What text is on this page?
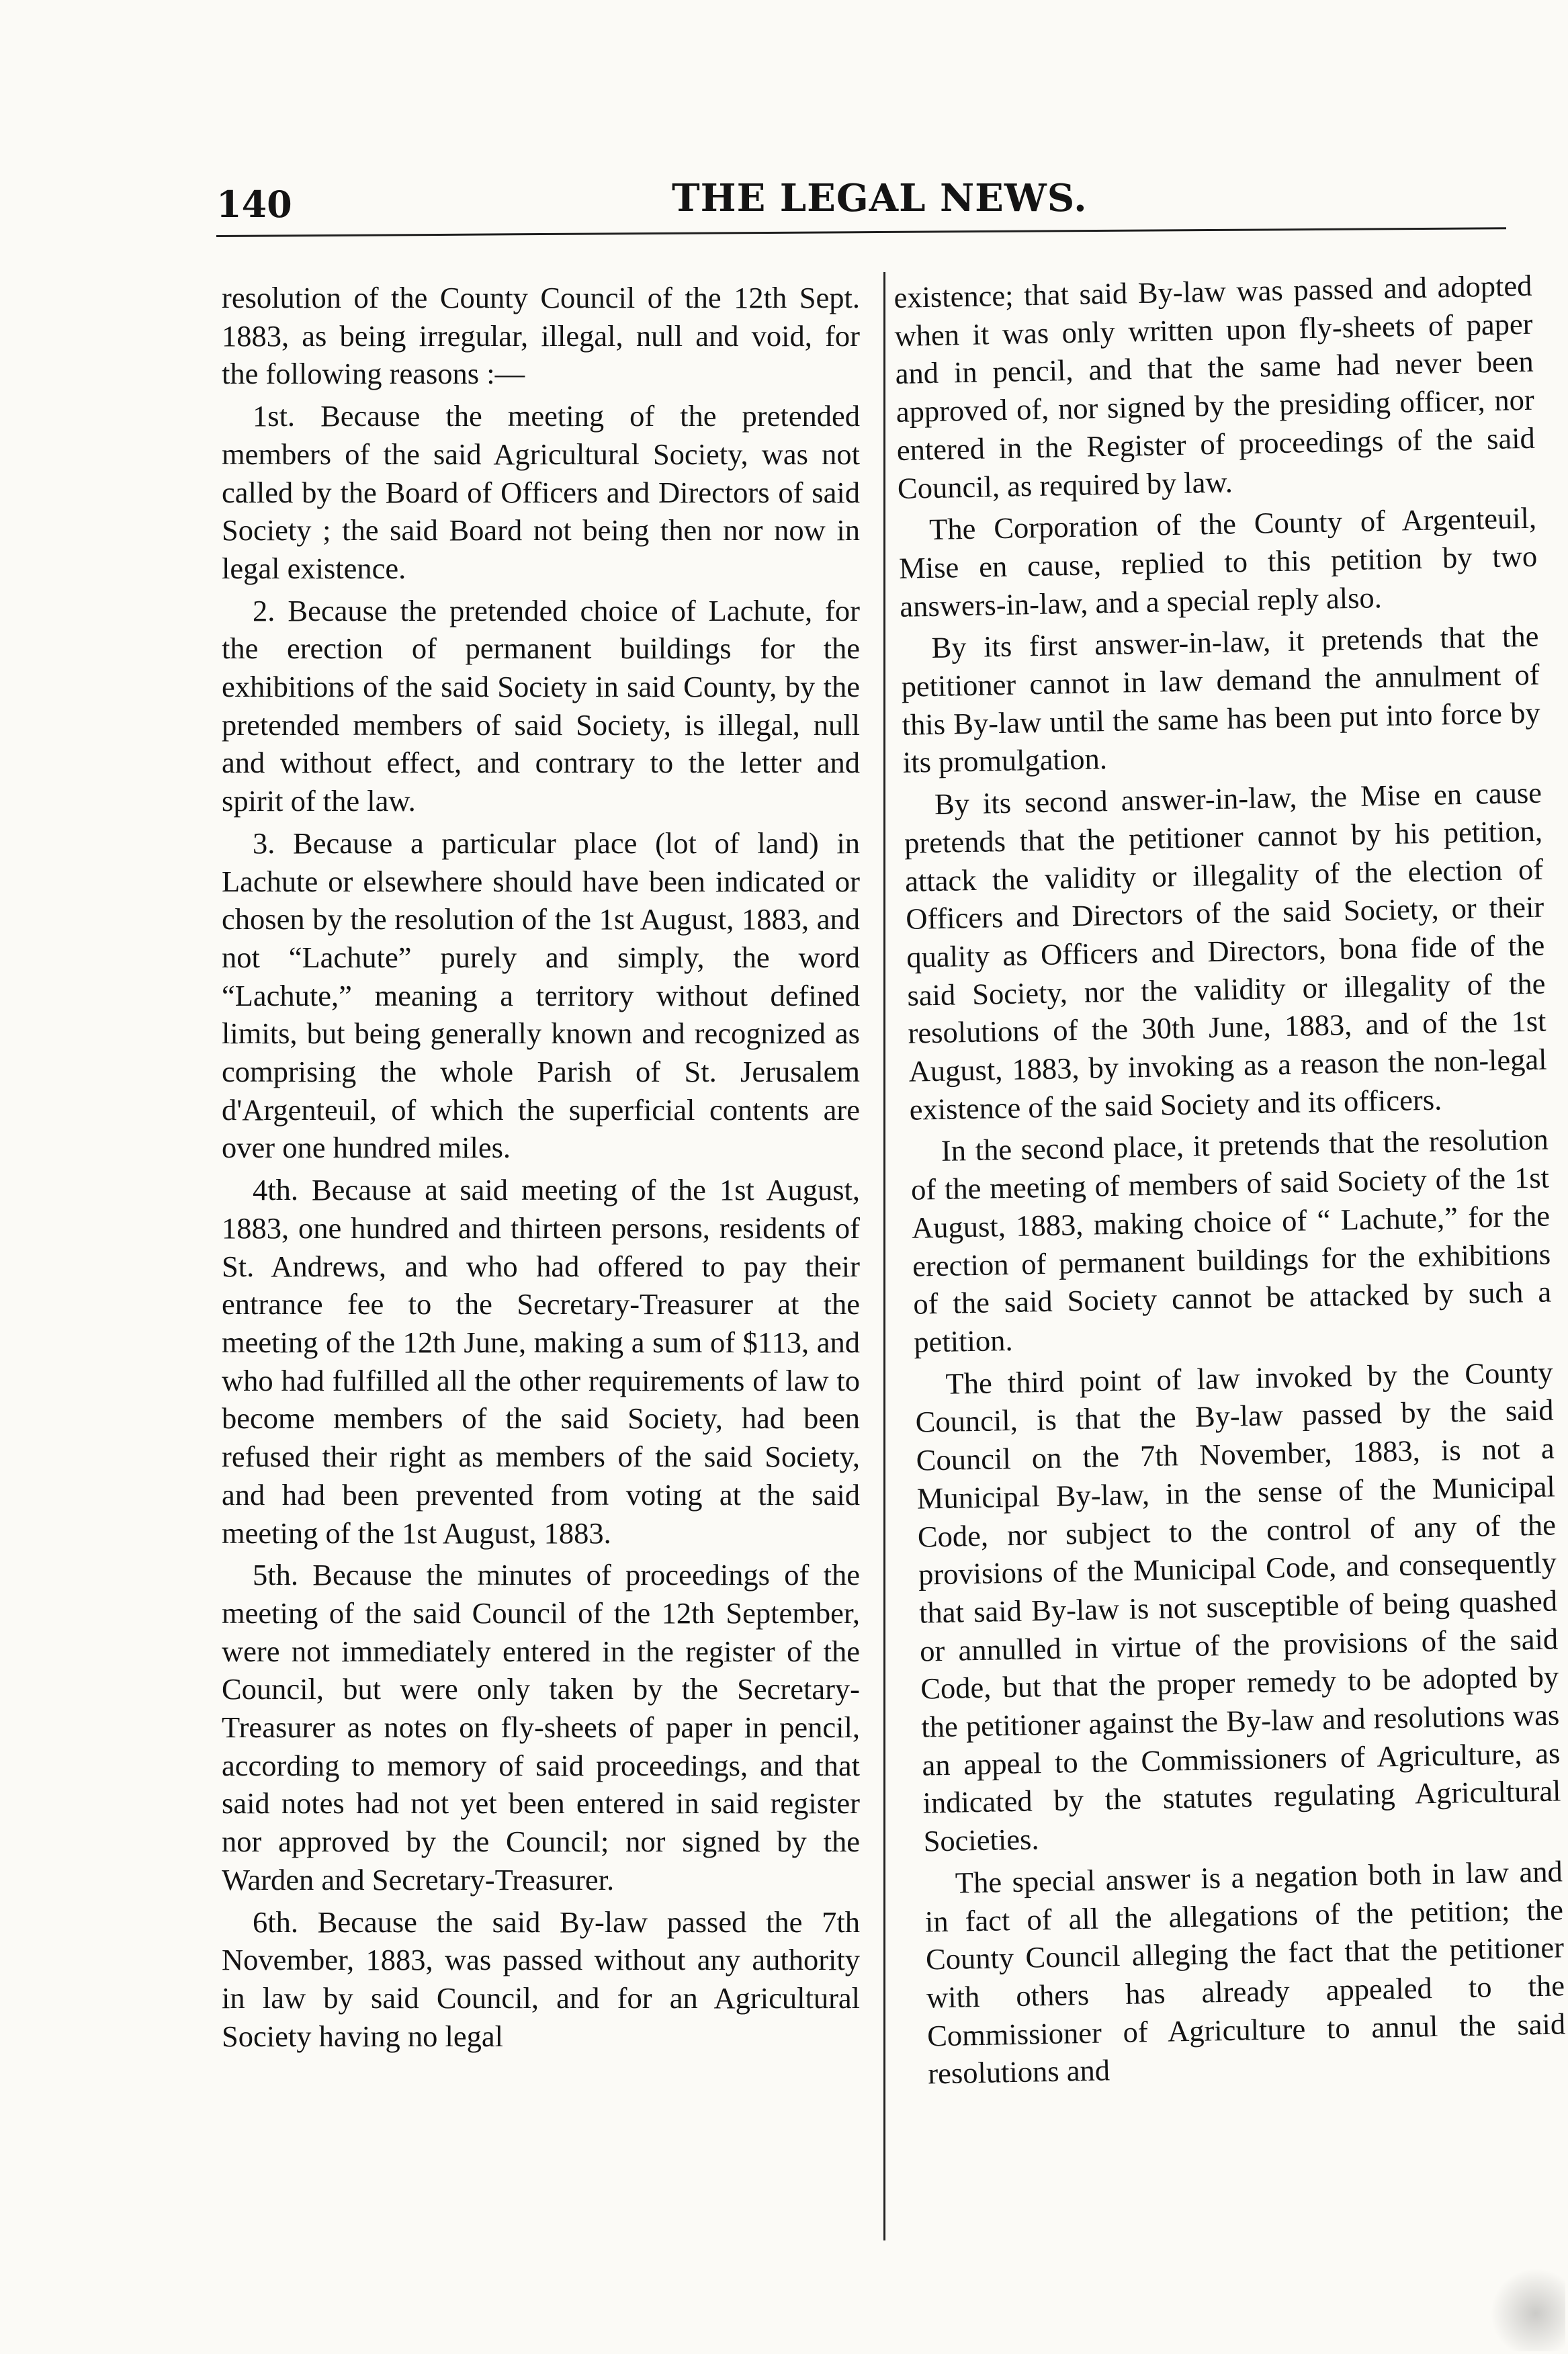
140	THE LEGAL NEWS.

resolution of the County Council of the 12th Sept. 1883, as being irregular, illegal, null and void, for the following reasons :—

1st. Because the meeting of the pretended members of the said Agricultural Society, was not called by the Board of Officers and Directors of said Society ; the said Board not being then nor now in legal existence.

2. Because the pretended choice of Lachute, for the erection of permanent buildings for the exhibitions of the said Society in said County, by the pretended members of said Society, is illegal, null and without effect, and contrary to the letter and spirit of the law.

3. Because a particular place (lot of land) in Lachute or elsewhere should have been indicated or chosen by the resolution of the 1st August, 1883, and not “Lachute” purely and simply, the word “Lachute,” meaning a territory without defined limits, but being generally known and recognized as comprising the whole Parish of St. Jerusalem d'Argenteuil, of which the superficial contents are over one hundred miles.

4th. Because at said meeting of the 1st August, 1883, one hundred and thirteen persons, residents of St. Andrews, and who had offered to pay their entrance fee to the Secretary-Treasurer at the meeting of the 12th June, making a sum of $113, and who had fulfilled all the other requirements of law to become members of the said Society, had been refused their right as members of the said Society, and had been prevented from voting at the said meeting of the 1st August, 1883.

5th. Because the minutes of proceedings of the meeting of the said Council of the 12th September, were not immediately entered in the register of the Council, but were only taken by the Secretary-Treasurer as notes on fly-sheets of paper in pencil, according to memory of said proceedings, and that said notes had not yet been entered in said register nor approved by the Council; nor signed by the Warden and Secretary-Treasurer.

6th. Because the said By-law passed the 7th November, 1883, was passed without any authority in law by said Council, and for an Agricultural Society having no legal

existence; that said By-law was passed and adopted when it was only written upon fly-sheets of paper and in pencil, and that the same had never been approved of, nor signed by the presiding officer, nor entered in the Register of proceedings of the said Council, as required by law.

The Corporation of the County of Argenteuil, Mise en cause, replied to this petition by two answers-in-law, and a special reply also.

By its first answer-in-law, it pretends that the petitioner cannot in law demand the annulment of this By-law until the same has been put into force by its promulgation.

By its second answer-in-law, the Mise en cause pretends that the petitioner cannot by his petition, attack the validity or illegality of the election of Officers and Directors of the said Society, or their quality as Officers and Directors, bona fide of the said Society, nor the validity or illegality of the resolutions of the 30th June, 1883, and of the 1st August, 1883, by invoking as a reason the non-legal existence of the said Society and its officers.

In the second place, it pretends that the resolution of the meeting of members of said Society of the 1st August, 1883, making choice of “ Lachute,” for the erection of permanent buildings for the exhibitions of the said Society cannot be attacked by such a petition.

The third point of law invoked by the County Council, is that the By-law passed by the said Council on the 7th November, 1883, is not a Municipal By-law, in the sense of the Municipal Code, nor subject to the control of any of the provisions of the Municipal Code, and consequently that said By-law is not susceptible of being quashed or annulled in virtue of the provisions of the said Code, but that the proper remedy to be adopted by the petitioner against the By-law and resolutions was an appeal to the Commissioners of Agriculture, as indicated by the statutes regulating Agricultural Societies.

The special answer is a negation both in law and in fact of all the allegations of the petition; the County Council alleging the fact that the petitioner with others has already appealed to the Commissioner of Agriculture to annul the said resolutions and
